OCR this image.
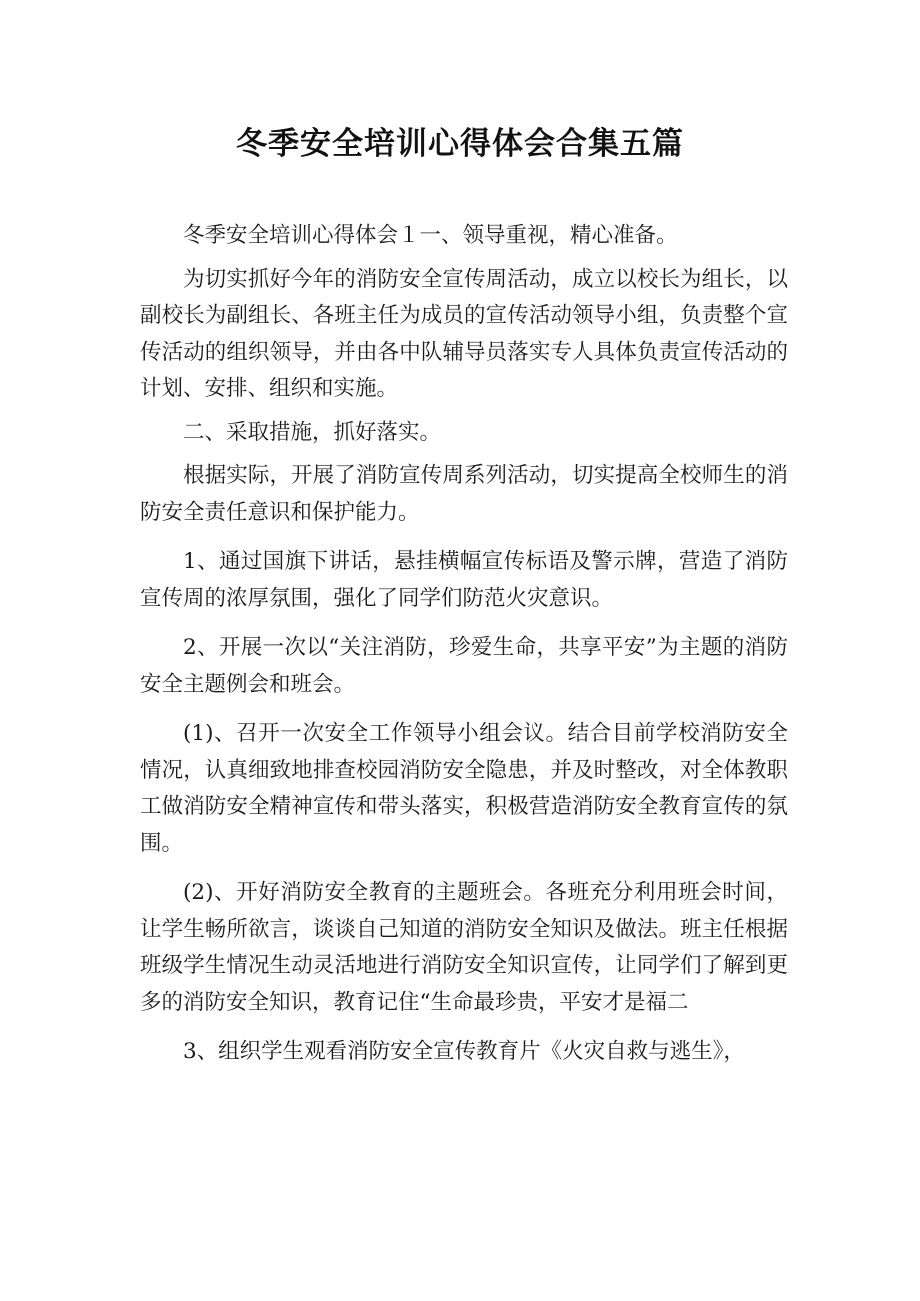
冬季安全培训心得体会合集五篇

冬季安全培训心得体会１一、领导重视，精心准备。

为切实抓好今年的消防安全宣传周活动，成立以校长为组长，以副校长为副组长、各班主任为成员的宣传活动领导小组，负责整个宣传活动的组织领导，并由各中队辅导员落实专人具体负责宣传活动的计划、安排、组织和实施。

二、采取措施，抓好落实。

根据实际，开展了消防宣传周系列活动，切实提高全校师生的消防安全责任意识和保护能力。

1、通过国旗下讲话，悬挂横幅宣传标语及警示牌，营造了消防宣传周的浓厚氛围，强化了同学们防范火灾意识。

2、开展一次以“关注消防，珍爱生命，共享平安”为主题的消防安全主题例会和班会。

(1)、召开一次安全工作领导小组会议。结合目前学校消防安全情况，认真细致地排查校园消防安全隐患，并及时整改，对全体教职工做消防安全精神宣传和带头落实，积极营造消防安全教育宣传的氛围。

(2)、开好消防安全教育的主题班会。各班充分利用班会时间，让学生畅所欲言，谈谈自己知道的消防安全知识及做法。班主任根据班级学生情况生动灵活地进行消防安全知识宣传，让同学们了解到更多的消防安全知识，教育记住“生命最珍贵，平安才是福二

3、组织学生观看消防安全宣传教育片《火灾自救与逃生》，
